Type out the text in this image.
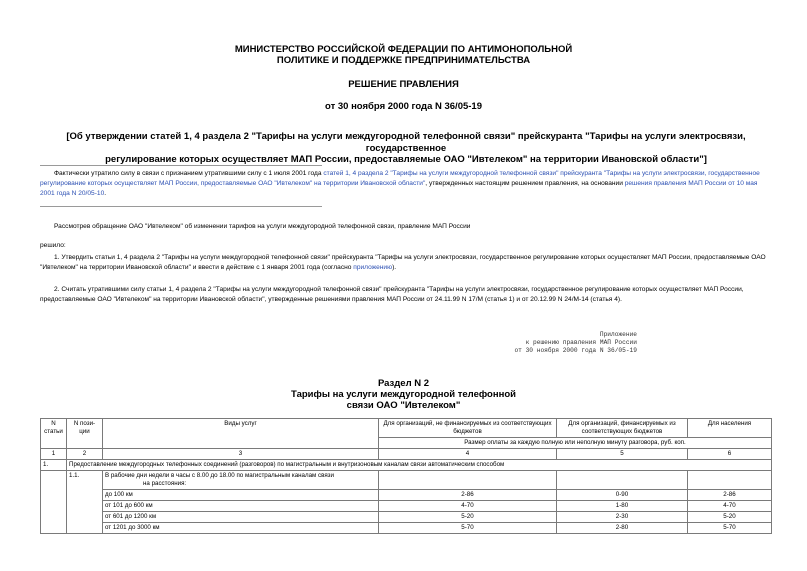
МИНИСТЕРСТВО РОССИЙСКОЙ ФЕДЕРАЦИИ ПО АНТИМОНОПОЛЬНОЙ
ПОЛИТИКЕ И ПОДДЕРЖКЕ ПРЕДПРИНИМАТЕЛЬСТВА
РЕШЕНИЕ ПРАВЛЕНИЯ
от 30 ноября 2000 года N 36/05-19
[Об утверждении статей 1, 4 раздела 2 "Тарифы на услуги междугородной телефонной связи" прейскуранта "Тарифы на услуги электросвязи, государственное
регулирование которых осуществляет МАП России, предоставляемые ОАО "Ивтелеком" на территории Ивановской области"]
Фактически утратило силу в связи с признанием утратившими силу с 1 июля 2001 года статей 1, 4 раздела 2 "Тарифы на услуги междугородной телефонной связи" прейскуранта "Тарифы на услуги электросвязи, государственное регулирование которых осуществляет МАП России, предоставляемые ОАО "Ивтелеком" на территории Ивановской области", утвержденных настоящим решением правления, на основании решения правления МАП России от 10 мая 2001 года N 20/05-10.
Рассмотрев обращение ОАО "Ивтелеком" об изменении тарифов на услуги междугородной телефонной связи, правление МАП России
решило:
1. Утвердить статьи 1, 4 раздела 2 "Тарифы на услуги междугородной телефонной связи" прейскуранта "Тарифы на услуги электросвязи, государственное регулирование которых осуществляет МАП России, предоставляемые ОАО "Ивтелеком" на территории Ивановской области" и ввести в действие с 1 января 2001 года (согласно приложению).
2. Считать утратившими силу статьи 1, 4 раздела 2 "Тарифы на услуги междугородной телефонной связи" прейскуранта "Тарифы на услуги электросвязи, государственное регулирование которых осуществляет МАП России, предоставляемые ОАО "Ивтелеком" на территории Ивановской области", утвержденные решениями правления МАП России от 24.11.99 N 17/М (статья 1) и от 20.12.99 N 24/М-14 (статья 4).
Приложение
к решению правления МАП России
от 30 ноября 2000 года N 36/05-19
Раздел N 2
Тарифы на услуги междугородной телефонной
связи ОАО "Ивтелеком"
N статьи	N пози-ции	Виды услуг	Для организаций, не финансируемых из соответствующих бюджетов	Для организаций, финансируемых из соответствующих бюджетов	Для населения
			Размер оплаты за каждую полную или неполную минуту разговора, руб. коп.		
1	2	3	4	5	6
1.	Предоставление междугородных телефонных соединений (разговоров) по магистральным и внутризоновым каналам связи автоматическим способом				
	1.1.	В рабочие дни недели в часы с 8.00 до 18.00 по магистральным каналам связи
на расстояния:			

		до 100 км	2-86	0-90	2-86
		от 101 до 600 км	4-70	1-80	4-70
		от 601 до 1200 км	5-20	2-30	5-20
		от 1201 до 3000 км	5-70	2-80	5-70
